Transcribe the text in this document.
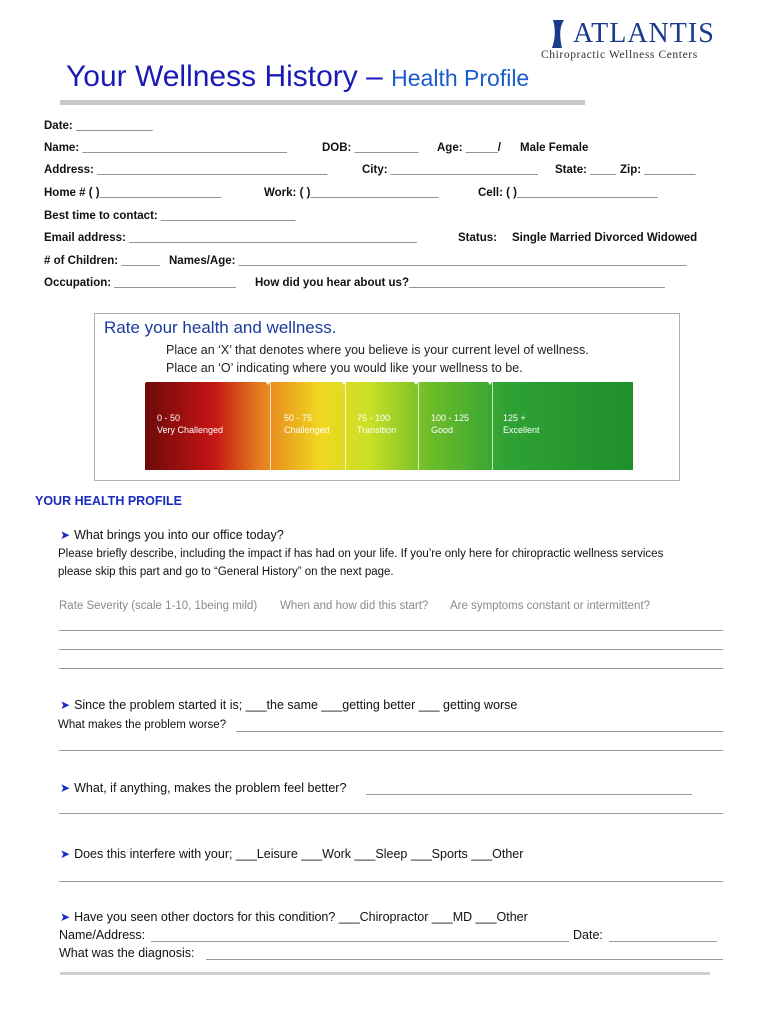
ATLANTIS
Chiropractic Wellness Centers
Your Wellness History – Health Profile
Date: ____________
Name: ________________________________	DOB: __________ Age: _____/ Male Female
Address: ____________________________________	City: _______________________ State: ____ Zip: ________
Home # ( )___________________	Work: ( )____________________	Cell: ( )______________________
Best time to contact: _____________________
Email address: _____________________________________________	Status: Single Married Divorced Widowed
# of Children: ______ Names/Age: ______________________________________________________________________
Occupation: ___________________ How did you hear about us?________________________________________
Rate your health and wellness.
Place an ‘X’ that denotes where you believe is your current level of wellness.
Place an ‘O’ indicating where you would like your wellness to be.
0 - 50
Very Challenged
50 - 75
Challenged
75 - 100
Transition
100 - 125
Good
125 +
Excellent
YOUR HEALTH PROFILE
➤ What brings you into our office today?
Please briefly describe, including the impact if has had on your life. If you’re only here for chiropractic wellness services
please skip this part and go to “General History” on the next page.
Rate Severity (scale 1-10, 1being mild) When and how did this start? Are symptoms constant or intermittent?
➤ Since the problem started it is; ___the same ___getting better ___ getting worse
What makes the problem worse?
➤ What, if anything, makes the problem feel better?
➤ Does this interfere with your; ___Leisure ___Work ___Sleep ___Sports ___Other
➤ Have you seen other doctors for this condition? ___Chiropractor ___MD ___Other
Name/Address:	Date:
What was the diagnosis:
